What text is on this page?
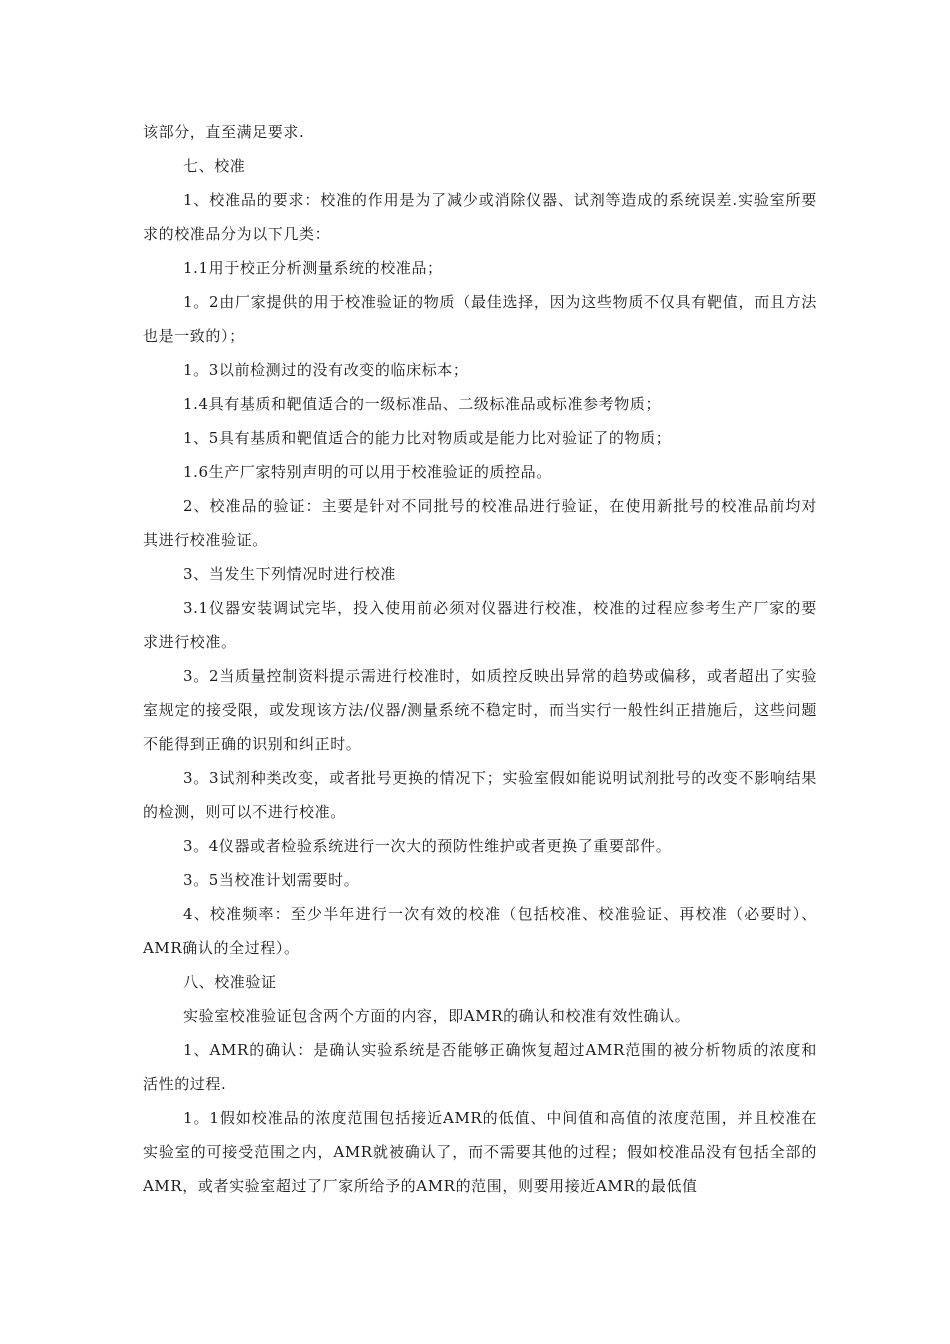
该部分，直至满足要求.

七、校准

1、校准品的要求：校准的作用是为了减少或消除仪器、试剂等造成的系统误差.实验室所要求的校准品分为以下几类：

1.1用于校正分析测量系统的校准品；

1。2由厂家提供的用于校准验证的物质（最佳选择，因为这些物质不仅具有靶值，而且方法也是一致的）；

1。3以前检测过的没有改变的临床标本；

1.4具有基质和靶值适合的一级标准品、二级标准品或标准参考物质；

1、5具有基质和靶值适合的能力比对物质或是能力比对验证了的物质；

1.6生产厂家特别声明的可以用于校准验证的质控品。

2、校准品的验证：主要是针对不同批号的校准品进行验证，在使用新批号的校准品前均对其进行校准验证。

3、当发生下列情况时进行校准

3.1仪器安装调试完毕，投入使用前必须对仪器进行校准，校准的过程应参考生产厂家的要求进行校准。

3。2当质量控制资料提示需进行校准时，如质控反映出异常的趋势或偏移，或者超出了实验室规定的接受限，或发现该方法/仪器/测量系统不稳定时，而当实行一般性纠正措施后，这些问题不能得到正确的识别和纠正时。

3。3试剂种类改变，或者批号更换的情况下；实验室假如能说明试剂批号的改变不影响结果的检测，则可以不进行校准。

3。4仪器或者检验系统进行一次大的预防性维护或者更换了重要部件。

3。5当校准计划需要时。

4、校准频率：至少半年进行一次有效的校准（包括校准、校准验证、再校准（必要时）、AMR确认的全过程）。

八、校准验证

实验室校准验证包含两个方面的内容，即AMR的确认和校准有效性确认。

1、AMR的确认：是确认实验系统是否能够正确恢复超过AMR范围的被分析物质的浓度和活性的过程.

1。1假如校准品的浓度范围包括接近AMR的低值、中间值和高值的浓度范围，并且校准在实验室的可接受范围之内，AMR就被确认了，而不需要其他的过程；假如校准品没有包括全部的AMR，或者实验室超过了厂家所给予的AMR的范围，则要用接近AMR的最低值
